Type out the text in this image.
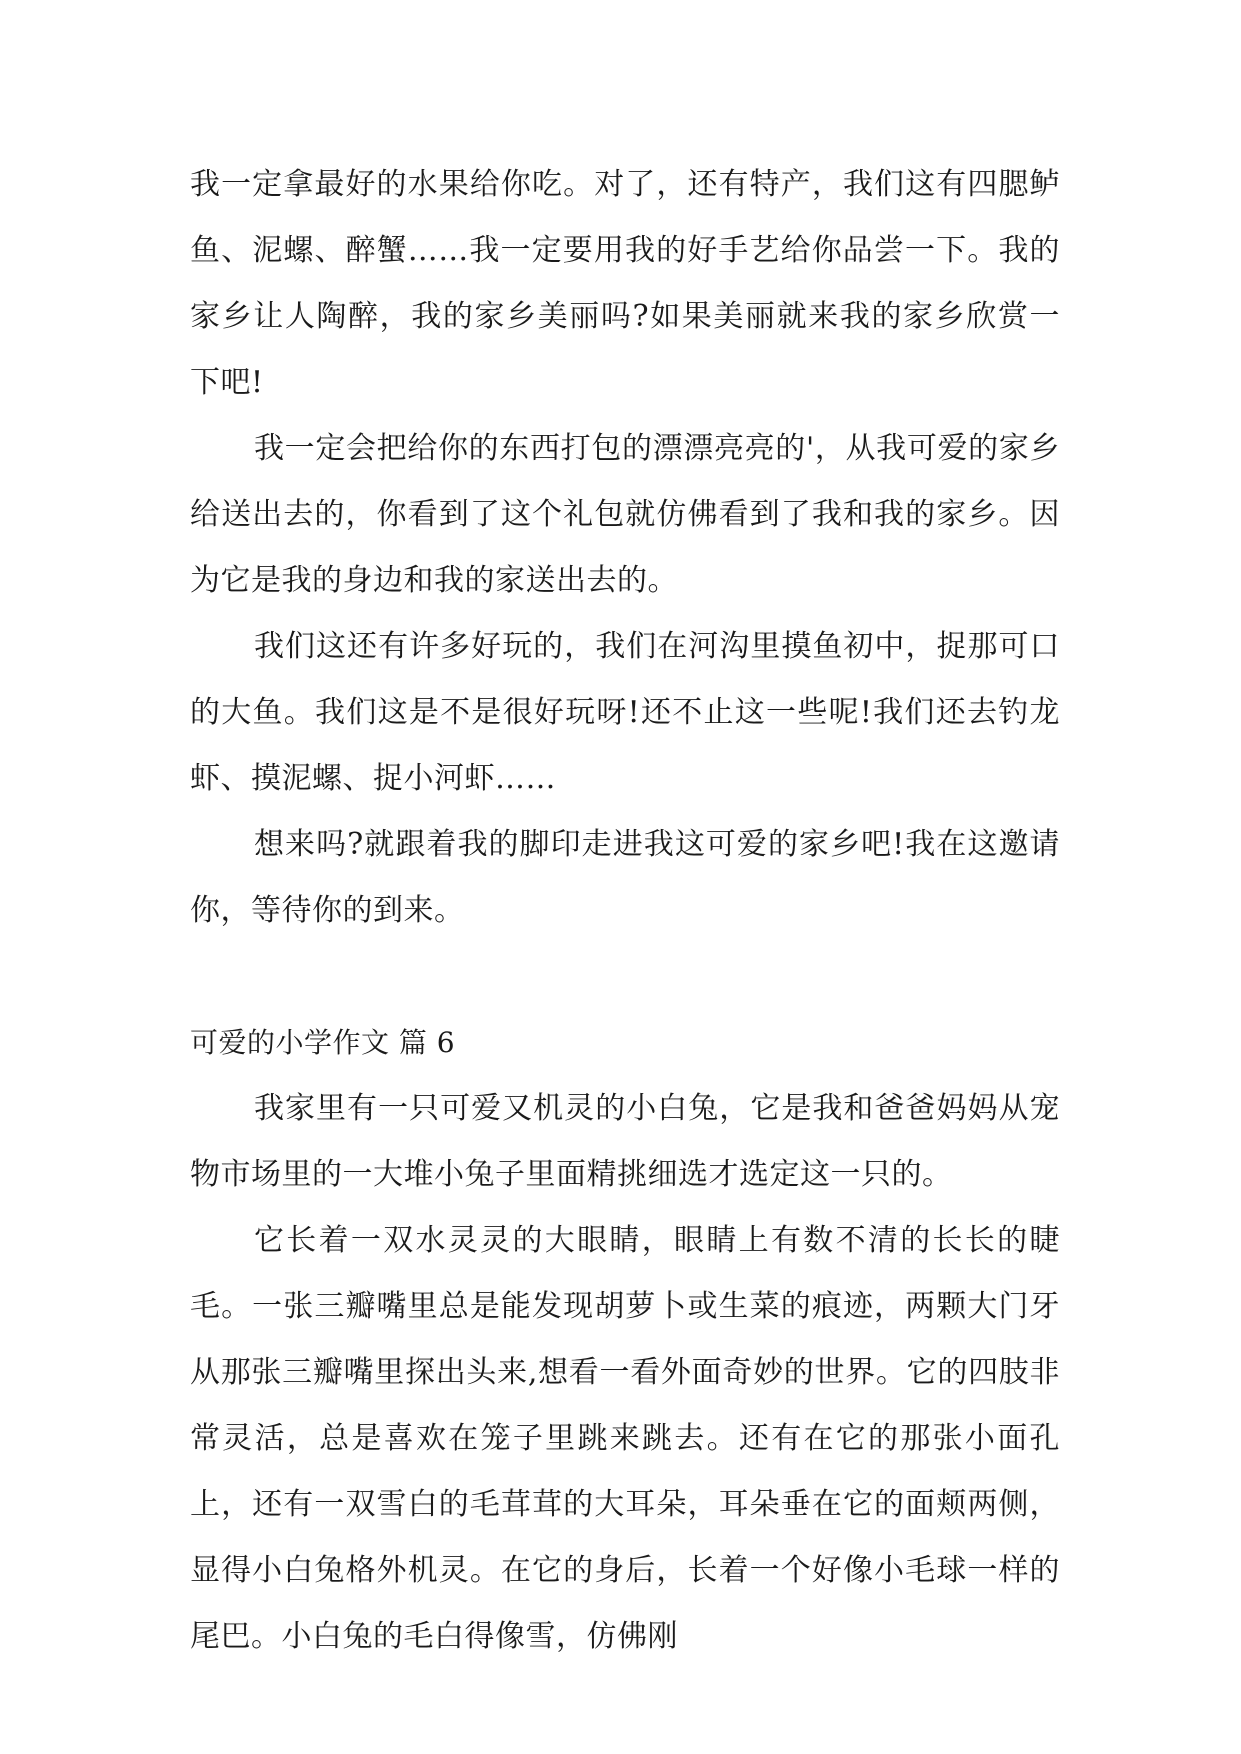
我一定拿最好的水果给你吃。对了，还有特产，我们这有四腮鲈鱼、泥螺、醉蟹……我一定要用我的好手艺给你品尝一下。我的家乡让人陶醉，我的家乡美丽吗?如果美丽就来我的家乡欣赏一下吧!

我一定会把给你的东西打包的漂漂亮亮的'，从我可爱的家乡给送出去的，你看到了这个礼包就仿佛看到了我和我的家乡。因为它是我的身边和我的家送出去的。

我们这还有许多好玩的，我们在河沟里摸鱼初中，捉那可口的大鱼。我们这是不是很好玩呀!还不止这一些呢!我们还去钓龙虾、摸泥螺、捉小河虾……

想来吗?就跟着我的脚印走进我这可爱的家乡吧!我在这邀请你，等待你的到来。

可爱的小学作文 篇 6

我家里有一只可爱又机灵的小白兔，它是我和爸爸妈妈从宠物市场里的一大堆小兔子里面精挑细选才选定这一只的。

它长着一双水灵灵的大眼睛，眼睛上有数不清的长长的睫毛。一张三瓣嘴里总是能发现胡萝卜或生菜的痕迹，两颗大门牙从那张三瓣嘴里探出头来,想看一看外面奇妙的世界。它的四肢非常灵活，总是喜欢在笼子里跳来跳去。还有在它的那张小面孔上，还有一双雪白的毛茸茸的大耳朵，耳朵垂在它的面颊两侧，显得小白兔格外机灵。在它的身后，长着一个好像小毛球一样的尾巴。小白兔的毛白得像雪，仿佛刚
